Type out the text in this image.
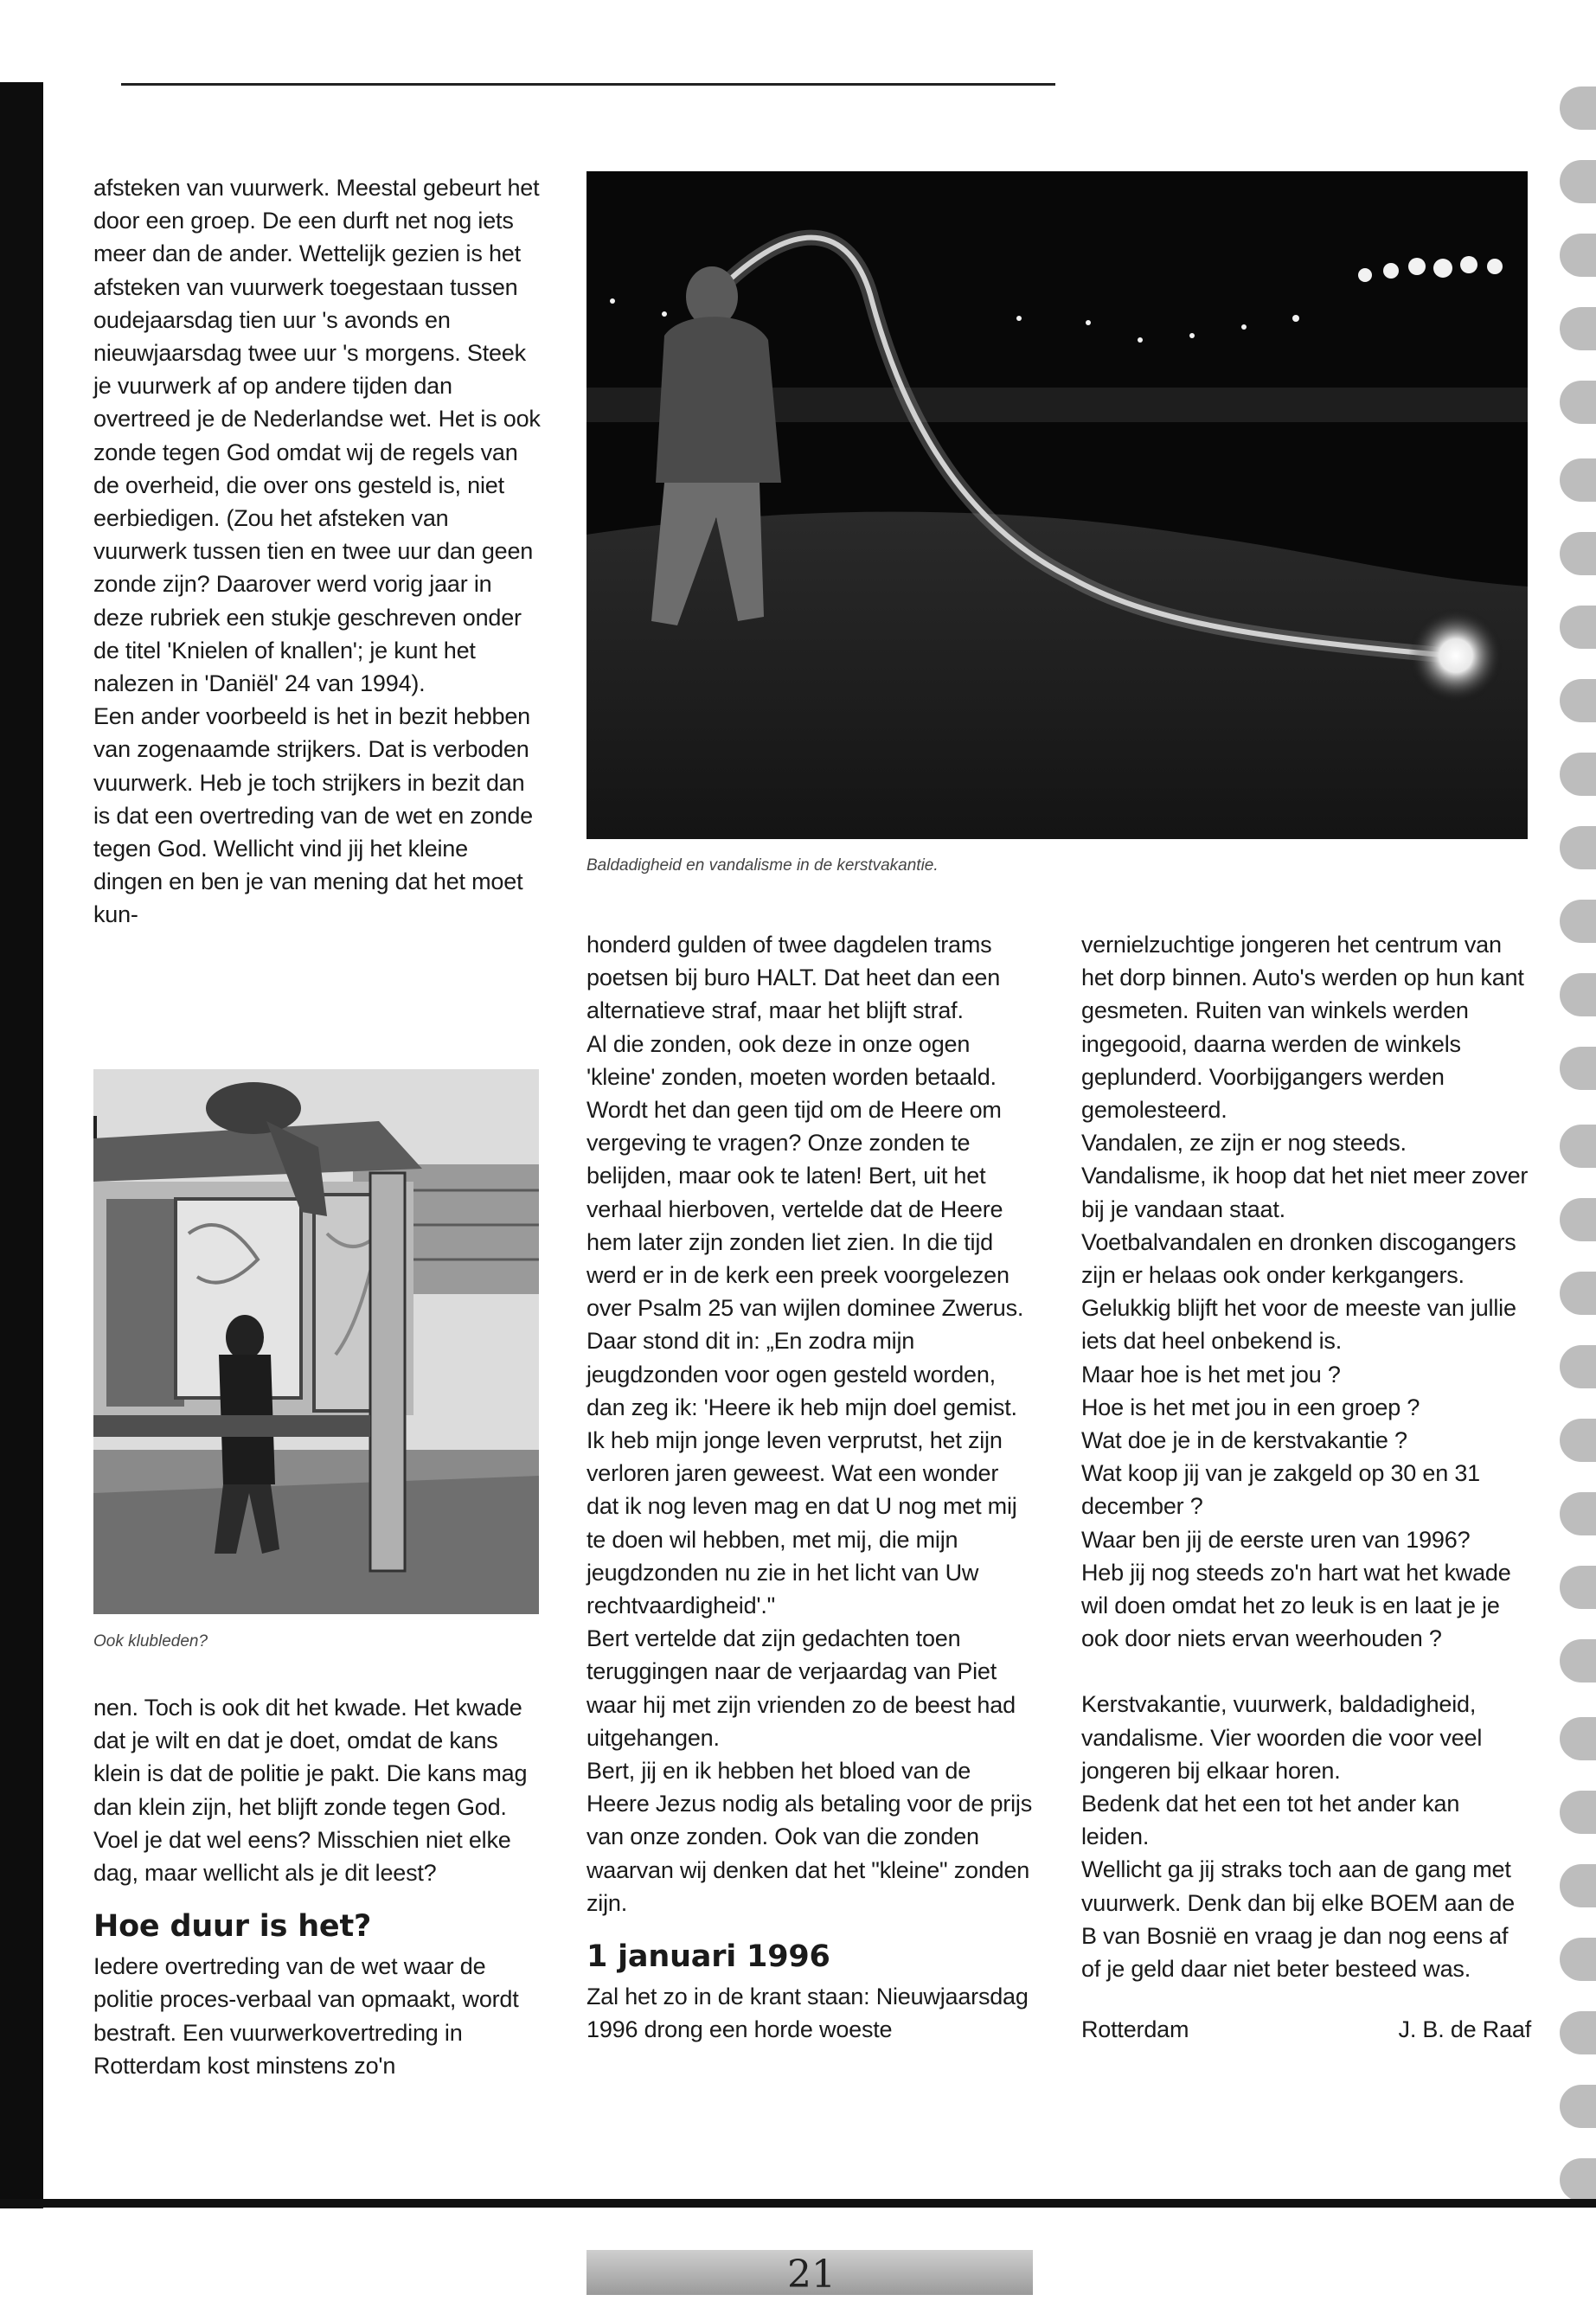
afsteken van vuurwerk. Meestal gebeurt het door een groep. De een durft net nog iets meer dan de ander. Wettelijk gezien is het afsteken van vuurwerk toegestaan tussen oudejaarsdag tien uur 's avonds en nieuwjaarsdag twee uur 's morgens. Steek je vuurwerk af op andere tijden dan overtreed je de Nederlandse wet. Het is ook zonde tegen God omdat wij de regels van de overheid, die over ons gesteld is, niet eerbiedigen. (Zou het afsteken van vuurwerk tussen tien en twee uur dan geen zonde zijn? Daarover werd vorig jaar in deze rubriek een stukje geschreven onder de titel 'Knielen of knallen'; je kunt het nalezen in 'Daniël' 24 van 1994).
Een ander voorbeeld is het in bezit hebben van zogenaamde strijkers. Dat is verboden vuurwerk. Heb je toch strijkers in bezit dan is dat een overtreding van de wet en zonde tegen God. Wellicht vind jij het kleine dingen en ben je van mening dat het moet kun-

Baldadigheid en vandalisme in de kerstvakantie.
Ook klubleden?

nen. Toch is ook dit het kwade. Het kwade dat je wilt en dat je doet, omdat de kans klein is dat de politie je pakt. Die kans mag dan klein zijn, het blijft zonde tegen God. Voel je dat wel eens? Misschien niet elke dag, maar wellicht als je dit leest?

Hoe duur is het?

Iedere overtreding van de wet waar de politie proces-verbaal van opmaakt, wordt bestraft. Een vuurwerkovertreding in Rotterdam kost minstens zo'n

honderd gulden of twee dagdelen trams poetsen bij buro HALT. Dat heet dan een alternatieve straf, maar het blijft straf.
Al die zonden, ook deze in onze ogen 'kleine' zonden, moeten worden betaald. Wordt het dan geen tijd om de Heere om vergeving te vragen? Onze zonden te belijden, maar ook te laten! Bert, uit het verhaal hierboven, vertelde dat de Heere hem later zijn zonden liet zien. In die tijd werd er in de kerk een preek voorgelezen over Psalm 25 van wijlen dominee Zwerus. Daar stond dit in: „En zodra mijn jeugdzonden voor ogen gesteld worden, dan zeg ik: 'Heere ik heb mijn doel gemist. Ik heb mijn jonge leven verprutst, het zijn verloren jaren geweest. Wat een wonder dat ik nog leven mag en dat U nog met mij te doen wil hebben, met mij, die mijn jeugdzonden nu zie in het licht van Uw rechtvaardigheid'."
Bert vertelde dat zijn gedachten toen teruggingen naar de verjaardag van Piet waar hij met zijn vrienden zo de beest had uitgehangen.
Bert, jij en ik hebben het bloed van de Heere Jezus nodig als betaling voor de prijs van onze zonden. Ook van die zonden waarvan wij denken dat het "kleine" zonden zijn.

1 januari 1996

Zal het zo in de krant staan: Nieuwjaarsdag 1996 drong een horde woeste

vernielzuchtige jongeren het centrum van het dorp binnen. Auto's werden op hun kant gesmeten. Ruiten van winkels werden ingegooid, daarna werden de winkels geplunderd. Voorbijgangers werden gemolesteerd.
Vandalen, ze zijn er nog steeds. Vandalisme, ik hoop dat het niet meer zover bij je vandaan staat.
Voetbalvandalen en dronken discogangers zijn er helaas ook onder kerkgangers. Gelukkig blijft het voor de meeste van jullie iets dat heel onbekend is.
Maar hoe is het met jou ?
Hoe is het met jou in een groep ?
Wat doe je in de kerstvakantie ?
Wat koop jij van je zakgeld op 30 en 31 december ?
Waar ben jij de eerste uren van 1996?
Heb jij nog steeds zo'n hart wat het kwade wil doen omdat het zo leuk is en laat je je ook door niets ervan weerhouden ?

Kerstvakantie, vuurwerk, baldadigheid, vandalisme. Vier woorden die voor veel jongeren bij elkaar horen.
Bedenk dat het een tot het ander kan leiden.
Wellicht ga jij straks toch aan de gang met vuurwerk. Denk dan bij elke BOEM aan de B van Bosnië en vraag je dan nog eens af of je geld daar niet beter besteed was.

Rotterdam	J. B. de Raaf
21
